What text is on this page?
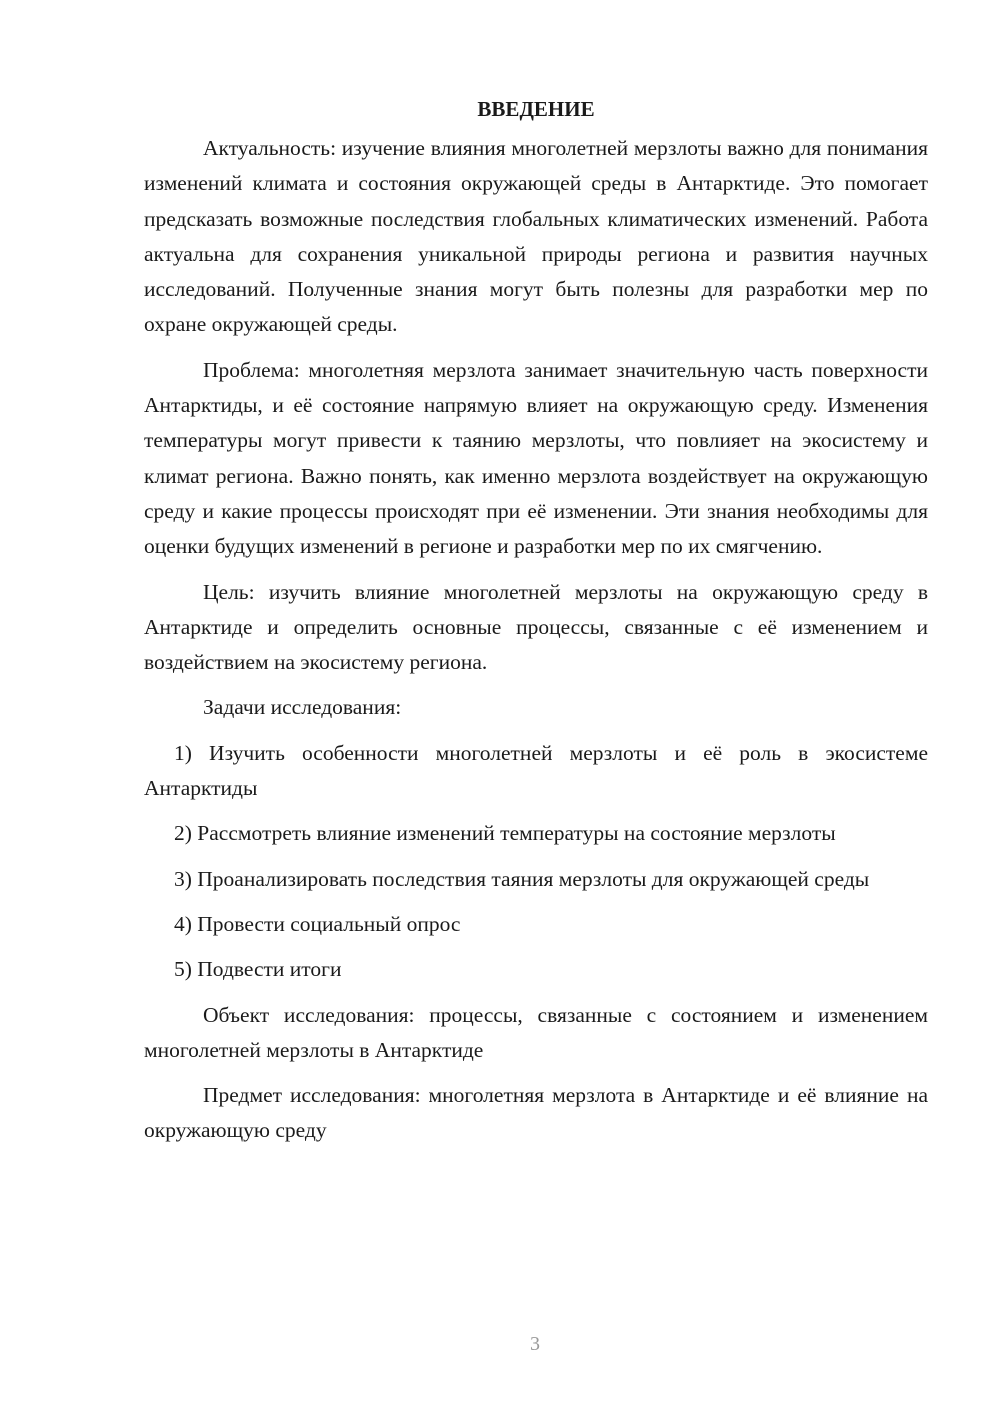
ВВЕДЕНИЕ

Актуальность: изучение влияния многолетней мерзлоты важно для понимания изменений климата и состояния окружающей среды в Антарктиде. Это помогает предсказать возможные последствия глобальных климатических изменений. Работа актуальна для сохранения уникальной природы региона и развития научных исследований. Полученные знания могут быть полезны для разработки мер по охране окружающей среды.

Проблема: многолетняя мерзлота занимает значительную часть поверхности Антарктиды, и её состояние напрямую влияет на окружающую среду. Изменения температуры могут привести к таянию мерзлоты, что повлияет на экосистему и климат региона. Важно понять, как именно мерзлота воздействует на окружающую среду и какие процессы происходят при её изменении. Эти знания необходимы для оценки будущих изменений в регионе и разработки мер по их смягчению.

Цель: изучить влияние многолетней мерзлоты на окружающую среду в Антарктиде и определить основные процессы, связанные с её изменением и воздействием на экосистему региона.

Задачи исследования:

1) Изучить особенности многолетней мерзлоты и её роль в экосистеме Антарктиды

2) Рассмотреть влияние изменений температуры на состояние мерзлоты

3) Проанализировать последствия таяния мерзлоты для окружающей среды

4) Провести социальный опрос

5) Подвести итоги

Объект исследования: процессы, связанные с состоянием и изменением многолетней мерзлоты в Антарктиде

Предмет исследования: многолетняя мерзлота в Антарктиде и её влияние на окружающую среду

3
